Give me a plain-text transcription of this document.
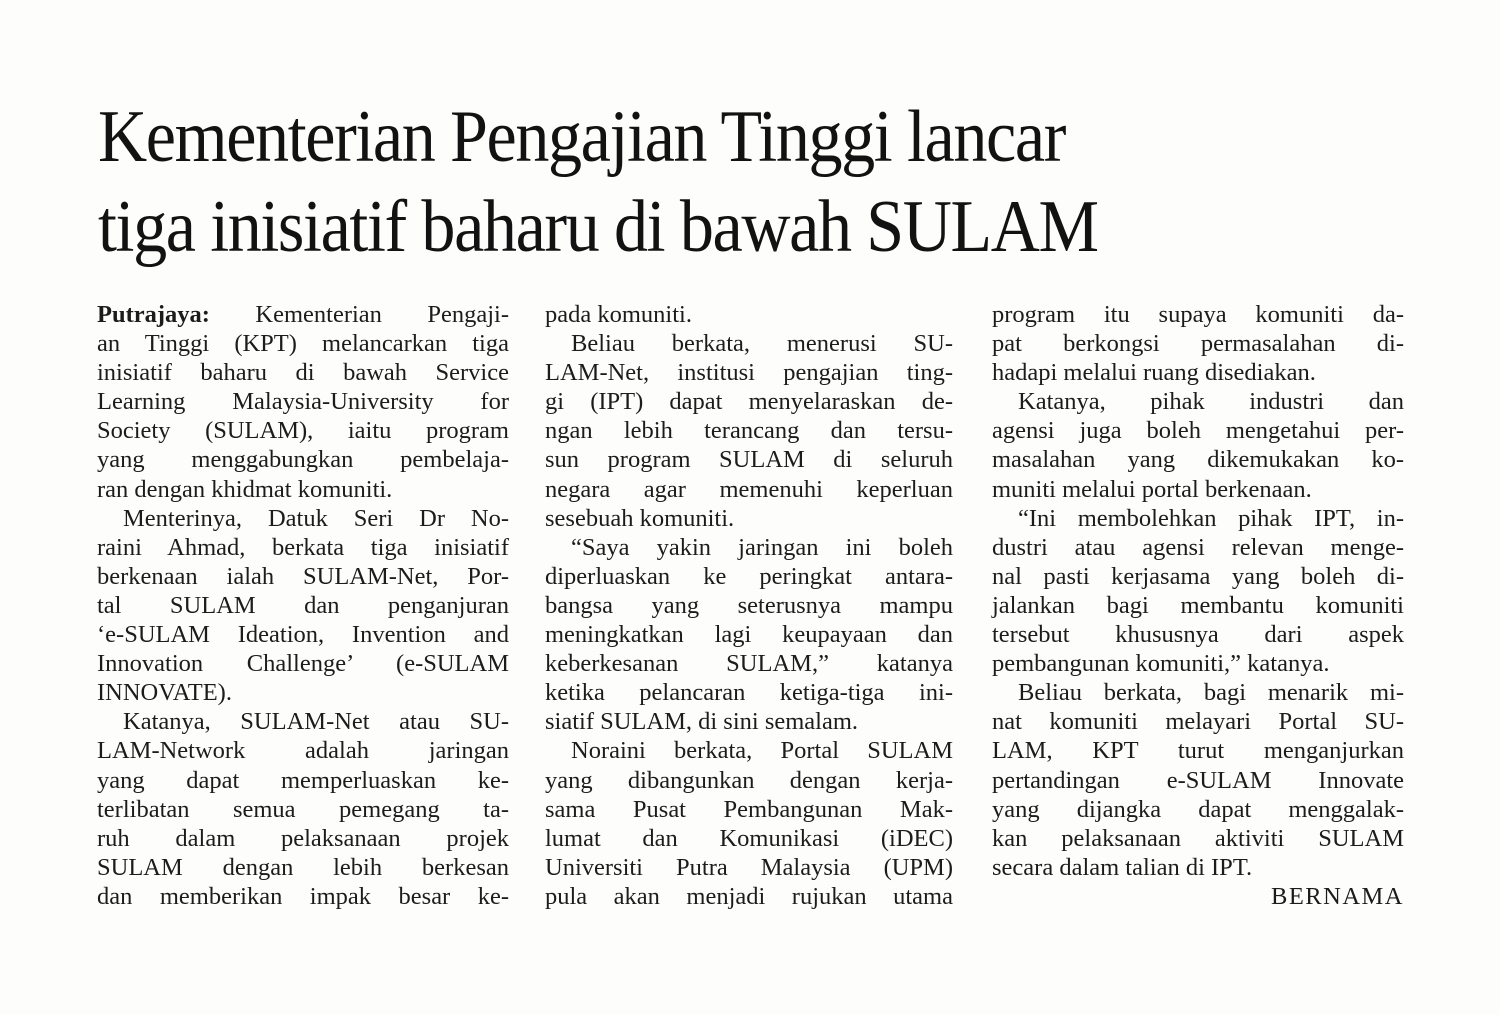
Kementerian Pengajian Tinggi lancar
tiga inisiatif baharu di bawah SULAM
Putrajaya: Kementerian Pengaji-
an Tinggi (KPT) melancarkan tiga
inisiatif baharu di bawah Service
Learning Malaysia-University for
Society (SULAM), iaitu program
yang menggabungkan pembelaja-
ran dengan khidmat komuniti.
Menterinya, Datuk Seri Dr No-
raini Ahmad, berkata tiga inisiatif
berkenaan ialah SULAM-Net, Por-
tal SULAM dan penganjuran
‘e-SULAM Ideation, Invention and
Innovation Challenge’ (e-SULAM
INNOVATE).
Katanya, SULAM-Net atau SU-
LAM-Network adalah jaringan
yang dapat memperluaskan ke-
terlibatan semua pemegang ta-
ruh dalam pelaksanaan projek
SULAM dengan lebih berkesan
dan memberikan impak besar ke-
pada komuniti.
Beliau berkata, menerusi SU-
LAM-Net, institusi pengajian ting-
gi (IPT) dapat menyelaraskan de-
ngan lebih terancang dan tersu-
sun program SULAM di seluruh
negara agar memenuhi keperluan
sesebuah komuniti.
“Saya yakin jaringan ini boleh
diperluaskan ke peringkat antara-
bangsa yang seterusnya mampu
meningkatkan lagi keupayaan dan
keberkesanan SULAM,” katanya
ketika pelancaran ketiga-tiga ini-
siatif SULAM, di sini semalam.
Noraini berkata, Portal SULAM
yang dibangunkan dengan kerja-
sama Pusat Pembangunan Mak-
lumat dan Komunikasi (iDEC)
Universiti Putra Malaysia (UPM)
pula akan menjadi rujukan utama
program itu supaya komuniti da-
pat berkongsi permasalahan di-
hadapi melalui ruang disediakan.
Katanya, pihak industri dan
agensi juga boleh mengetahui per-
masalahan yang dikemukakan ko-
muniti melalui portal berkenaan.
“Ini membolehkan pihak IPT, in-
dustri atau agensi relevan menge-
nal pasti kerjasama yang boleh di-
jalankan bagi membantu komuniti
tersebut khususnya dari aspek
pembangunan komuniti,” katanya.
Beliau berkata, bagi menarik mi-
nat komuniti melayari Portal SU-
LAM, KPT turut menganjurkan
pertandingan e-SULAM Innovate
yang dijangka dapat menggalak-
kan pelaksanaan aktiviti SULAM
secara dalam talian di IPT.
BERNAMA
